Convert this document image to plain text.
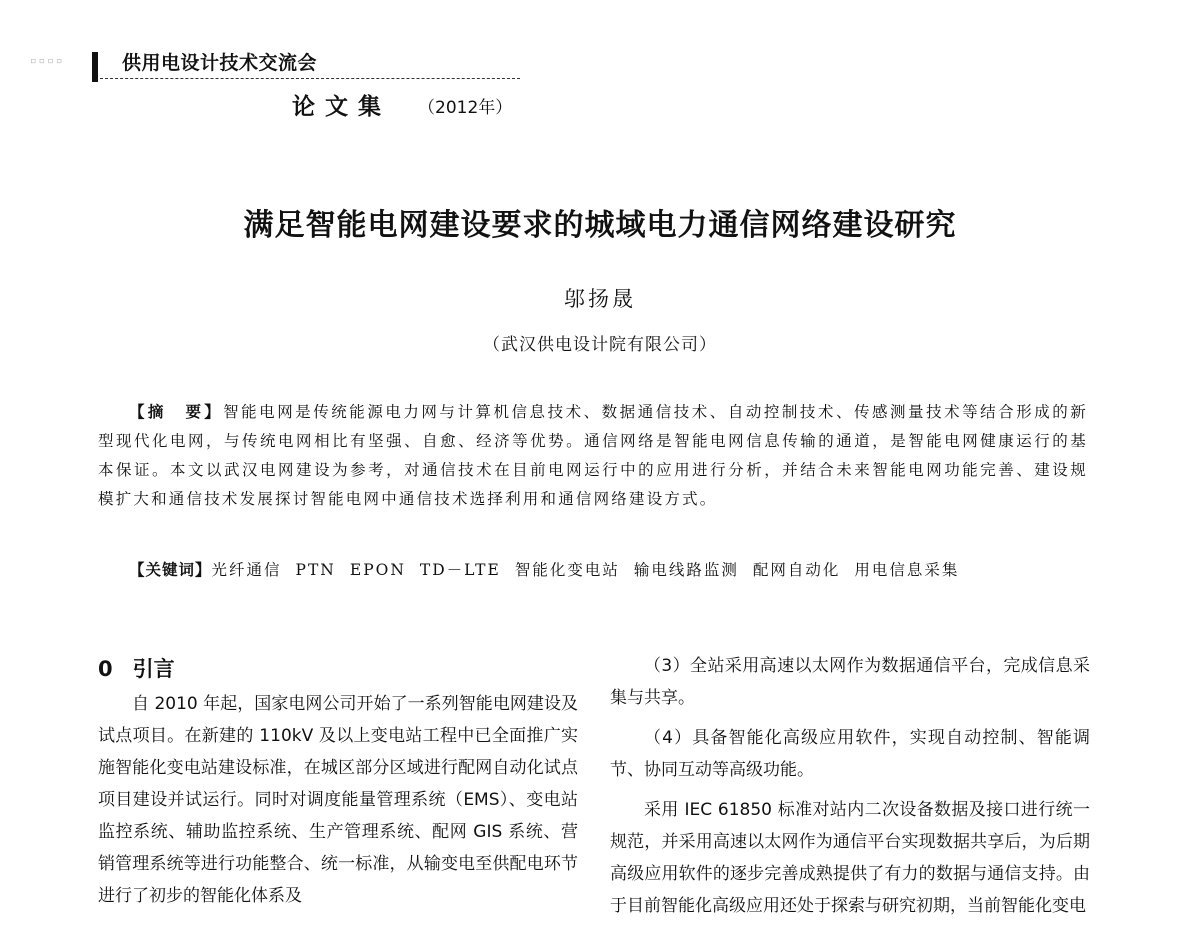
▫▫▫▫	供用电设计技术交流会
论文集 （2012年）
满足智能电网建设要求的城域电力通信网络建设研究
邬扬晟
（武汉供电设计院有限公司）

【摘　要】智能电网是传统能源电力网与计算机信息技术、数据通信技术、自动控制技术、传感测量技术等结合形成的新型现代化电网，与传统电网相比有坚强、自愈、经济等优势。通信网络是智能电网信息传输的通道，是智能电网健康运行的基本保证。本文以武汉电网建设为参考，对通信技术在目前电网运行中的应用进行分析，并结合未来智能电网功能完善、建设规模扩大和通信技术发展探讨智能电网中通信技术选择利用和通信网络建设方式。

【关键词】光纤通信 PTN EPON TD－LTE 智能化变电站 输电线路监测 配网自动化 用电信息采集

0 引言

自 2010 年起，国家电网公司开始了一系列智能电网建设及试点项目。在新建的 110kV 及以上变电站工程中已全面推广实施智能化变电站建设标准，在城区部分区域进行配网自动化试点项目建设并试运行。同时对调度能量管理系统（EMS）、变电站监控系统、辅助监控系统、生产管理系统、配网 GIS 系统、营销管理系统等进行功能整合、统一标准，从输变电至供配电环节进行了初步的智能化体系及

（3）全站采用高速以太网作为数据通信平台，完成信息采集与共享。

（4）具备智能化高级应用软件，实现自动控制、智能调节、协同互动等高级功能。

采用 IEC 61850 标准对站内二次设备数据及接口进行统一规范，并采用高速以太网作为通信平台实现数据共享后，为后期高级应用软件的逐步完善成熟提供了有力的数据与通信支持。由于目前智能化高级应用还处于探索与研究初期，当前智能化变电
